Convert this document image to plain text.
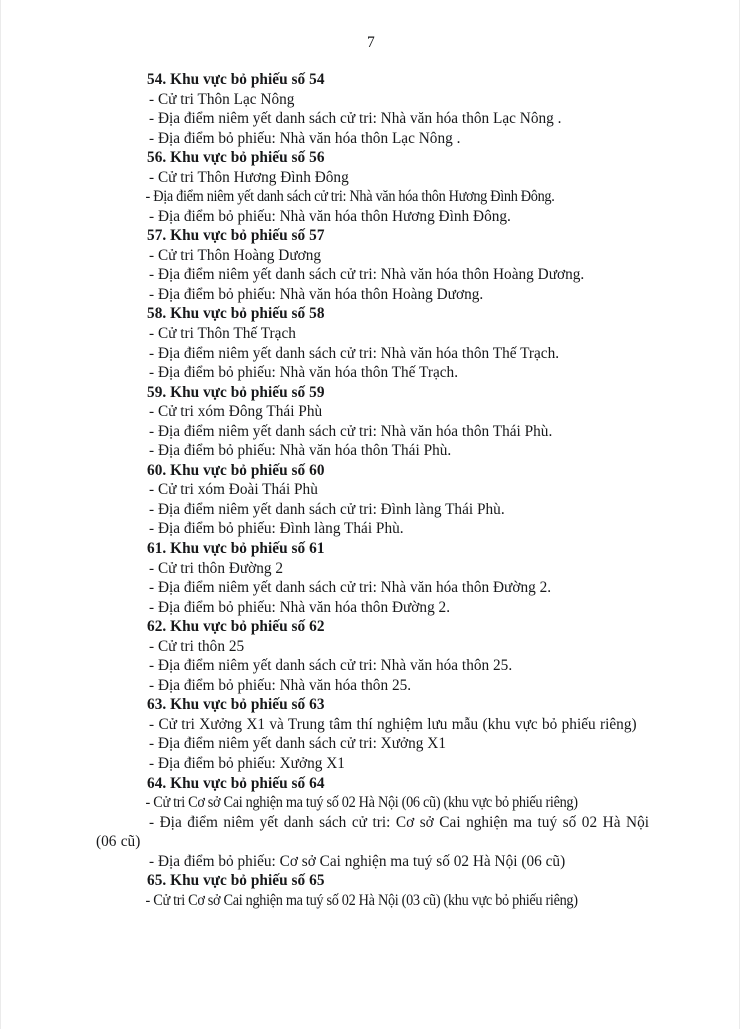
7
54. Khu vực bỏ phiếu số 54
- Cử tri Thôn Lạc Nông
- Địa điểm niêm yết danh sách cử tri: Nhà văn hóa thôn Lạc Nông .
- Địa điểm bỏ phiếu: Nhà văn hóa thôn Lạc Nông .
56. Khu vực bỏ phiếu số 56
- Cử tri Thôn Hương Đình Đông
- Địa điểm niêm yết danh sách cử tri: Nhà văn hóa thôn Hương Đình Đông.
- Địa điểm bỏ phiếu: Nhà văn hóa thôn Hương Đình Đông.
57. Khu vực bỏ phiếu số 57
- Cử tri Thôn Hoàng Dương
- Địa điểm niêm yết danh sách cử tri: Nhà văn hóa thôn Hoàng Dương.
- Địa điểm bỏ phiếu: Nhà văn hóa thôn Hoàng Dương.
58. Khu vực bỏ phiếu số 58
- Cử tri Thôn Thế Trạch
- Địa điểm niêm yết danh sách cử tri: Nhà văn hóa thôn Thế Trạch.
- Địa điểm bỏ phiếu: Nhà văn hóa thôn Thế Trạch.
59. Khu vực bỏ phiếu số 59
- Cử tri xóm Đông Thái Phù
- Địa điểm niêm yết danh sách cử tri: Nhà văn hóa thôn Thái Phù.
- Địa điểm bỏ phiếu: Nhà văn hóa thôn Thái Phù.
60. Khu vực bỏ phiếu số 60
- Cử tri xóm Đoài Thái Phù
- Địa điểm niêm yết danh sách cử tri: Đình làng Thái Phù.
- Địa điểm bỏ phiếu: Đình làng Thái Phù.
61. Khu vực bỏ phiếu số 61
- Cử tri thôn Đường 2
- Địa điểm niêm yết danh sách cử tri: Nhà văn hóa thôn Đường 2.
- Địa điểm bỏ phiếu: Nhà văn hóa thôn Đường 2.
62. Khu vực bỏ phiếu số 62
- Cử tri thôn 25
- Địa điểm niêm yết danh sách cử tri: Nhà văn hóa thôn 25.
- Địa điểm bỏ phiếu: Nhà văn hóa thôn 25.
63. Khu vực bỏ phiếu số 63
- Cử tri Xưởng X1 và Trung tâm thí nghiệm lưu mẫu (khu vực bỏ phiếu riêng)
- Địa điểm niêm yết danh sách cử tri: Xưởng X1
- Địa điểm bỏ phiếu: Xưởng X1
64. Khu vực bỏ phiếu số 64
- Cử tri Cơ sở Cai nghiện ma tuý số 02 Hà Nội (06 cũ) (khu vực bỏ phiếu riêng)
- Địa điểm niêm yết danh sách cử tri: Cơ sở Cai nghiện ma tuý số 02 Hà Nội (06 cũ)
- Địa điểm bỏ phiếu: Cơ sở Cai nghiện ma tuý số 02 Hà Nội (06 cũ)
65. Khu vực bỏ phiếu số 65
- Cử tri Cơ sở Cai nghiện ma tuý số 02 Hà Nội (03 cũ) (khu vực bỏ phiếu riêng)
